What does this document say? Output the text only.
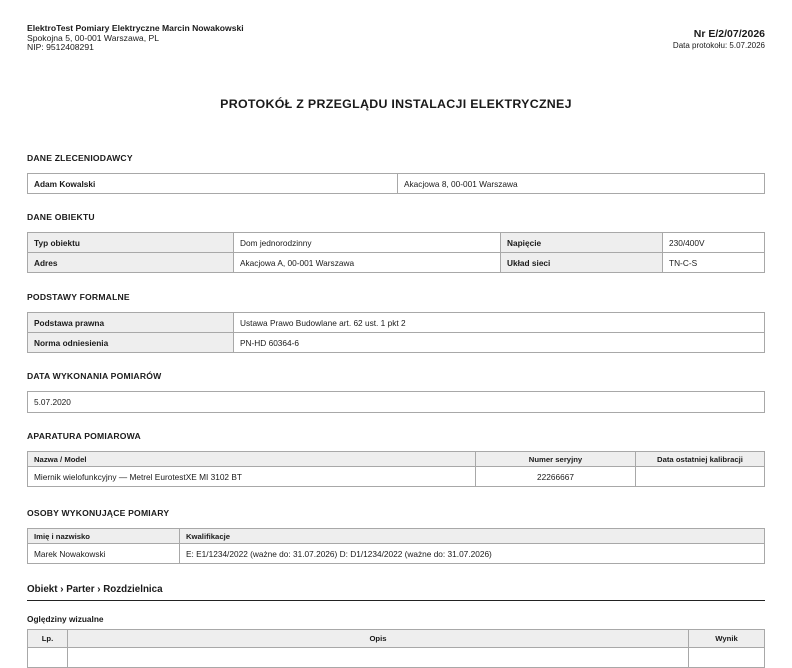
ElektroTest Pomiary Elektryczne Marcin Nowakowski
Spokojna 5, 00-001 Warszawa, PL
NIP: 9512408291
Nr E/2/07/2026
Data protokołu: 5.07.2026
PROTOKÓŁ Z PRZEGLĄDU INSTALACJI ELEKTRYCZNEJ
DANE ZLECENIODAWCY
Adam Kowalski	Akacjowa 8, 00-001 Warszawa
DANE OBIEKTU
Typ obiektu	Dom jednorodzinny	Napięcie	230/400V
Adres	Akacjowa A, 00-001 Warszawa	Układ sieci	TN-C-S
PODSTAWY FORMALNE
Podstawa prawna	Ustawa Prawo Budowlane art. 62 ust. 1 pkt 2
Norma odniesienia	PN-HD 60364-6
DATA WYKONANIA POMIARÓW
5.07.2020
APARATURA POMIAROWA
Nazwa / Model	Numer seryjny	Data ostatniej kalibracji
Miernik wielofunkcyjny — Metrel EurotestXE MI 3102 BT	22266667	
OSOBY WYKONUJĄCE POMIARY
Imię i nazwisko	Kwalifikacje
Marek Nowakowski	E: E1/1234/2022 (ważne do: 31.07.2026) D: D1/1234/2022 (ważne do: 31.07.2026)
Obiekt › Parter › Rozdzielnica
Oględziny wizualne
Lp.	Opis	Wynik
